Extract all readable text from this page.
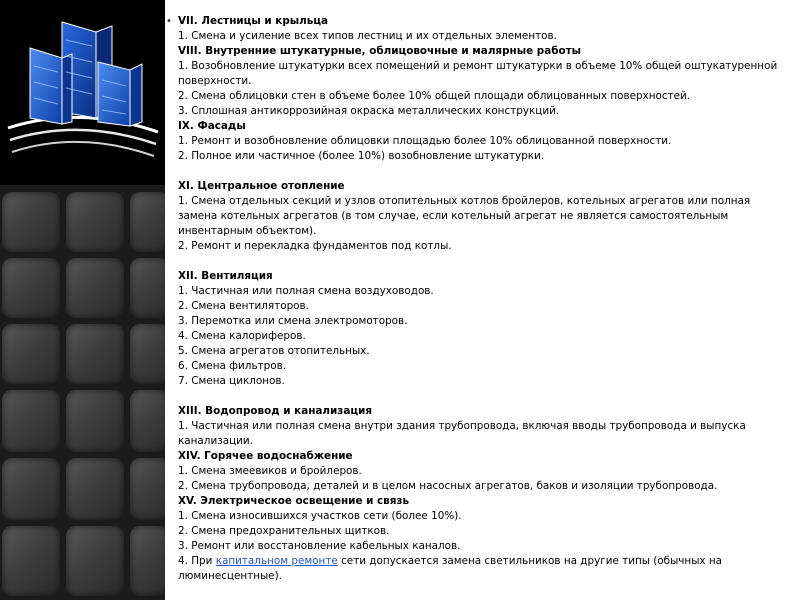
• VII. Лестницы и крыльца
1. Смена и усиление всех типов лестниц и их отдельных элементов.
VIII. Внутренние штукатурные, облицовочные и малярные работы
1. Возобновление штукатурки всех помещений и ремонт штукатурки в объеме 10% общей оштукатуренной поверхности.
2. Смена облицовки стен в объеме более 10% общей площади облицованных поверхностей.
3. Сплошная антикоррозийная окраска металлических конструкций.
IX. Фасады
1. Ремонт и возобновление облицовки площадью более 10% облицованной поверхности.
2. Полное или частичное (более 10%) возобновление штукатурки.
XI. Центральное отопление
1. Смена отдельных секций и узлов отопительных котлов бройлеров, котельных агрегатов или полная замена котельных агрегатов (в том случае, если котельный агрегат не является самостоятельным инвентарным объектом).
2. Ремонт и перекладка фундаментов под котлы.
XII. Вентиляция
1. Частичная или полная смена воздуховодов.
2. Смена вентиляторов.
3. Перемотка или смена электромоторов.
4. Смена калориферов.
5. Смена агрегатов отопительных.
6. Смена фильтров.
7. Смена циклонов.
XIII. Водопровод и канализация
1. Частичная или полная смена внутри здания трубопровода, включая вводы трубопровода и выпуска канализации.
XIV. Горячее водоснабжение
1. Смена змеевиков и бройлеров.
2. Смена трубопровода, деталей и в целом насосных агрегатов, баков и изоляции трубопровода.
XV. Электрическое освещение и связь
1. Смена износившихся участков сети (более 10%).
2. Смена предохранительных щитков.
3. Ремонт или восстановление кабельных каналов.
4. При капитальном ремонте сети допускается замена светильников на другие типы (обычных на люминесцентные).
